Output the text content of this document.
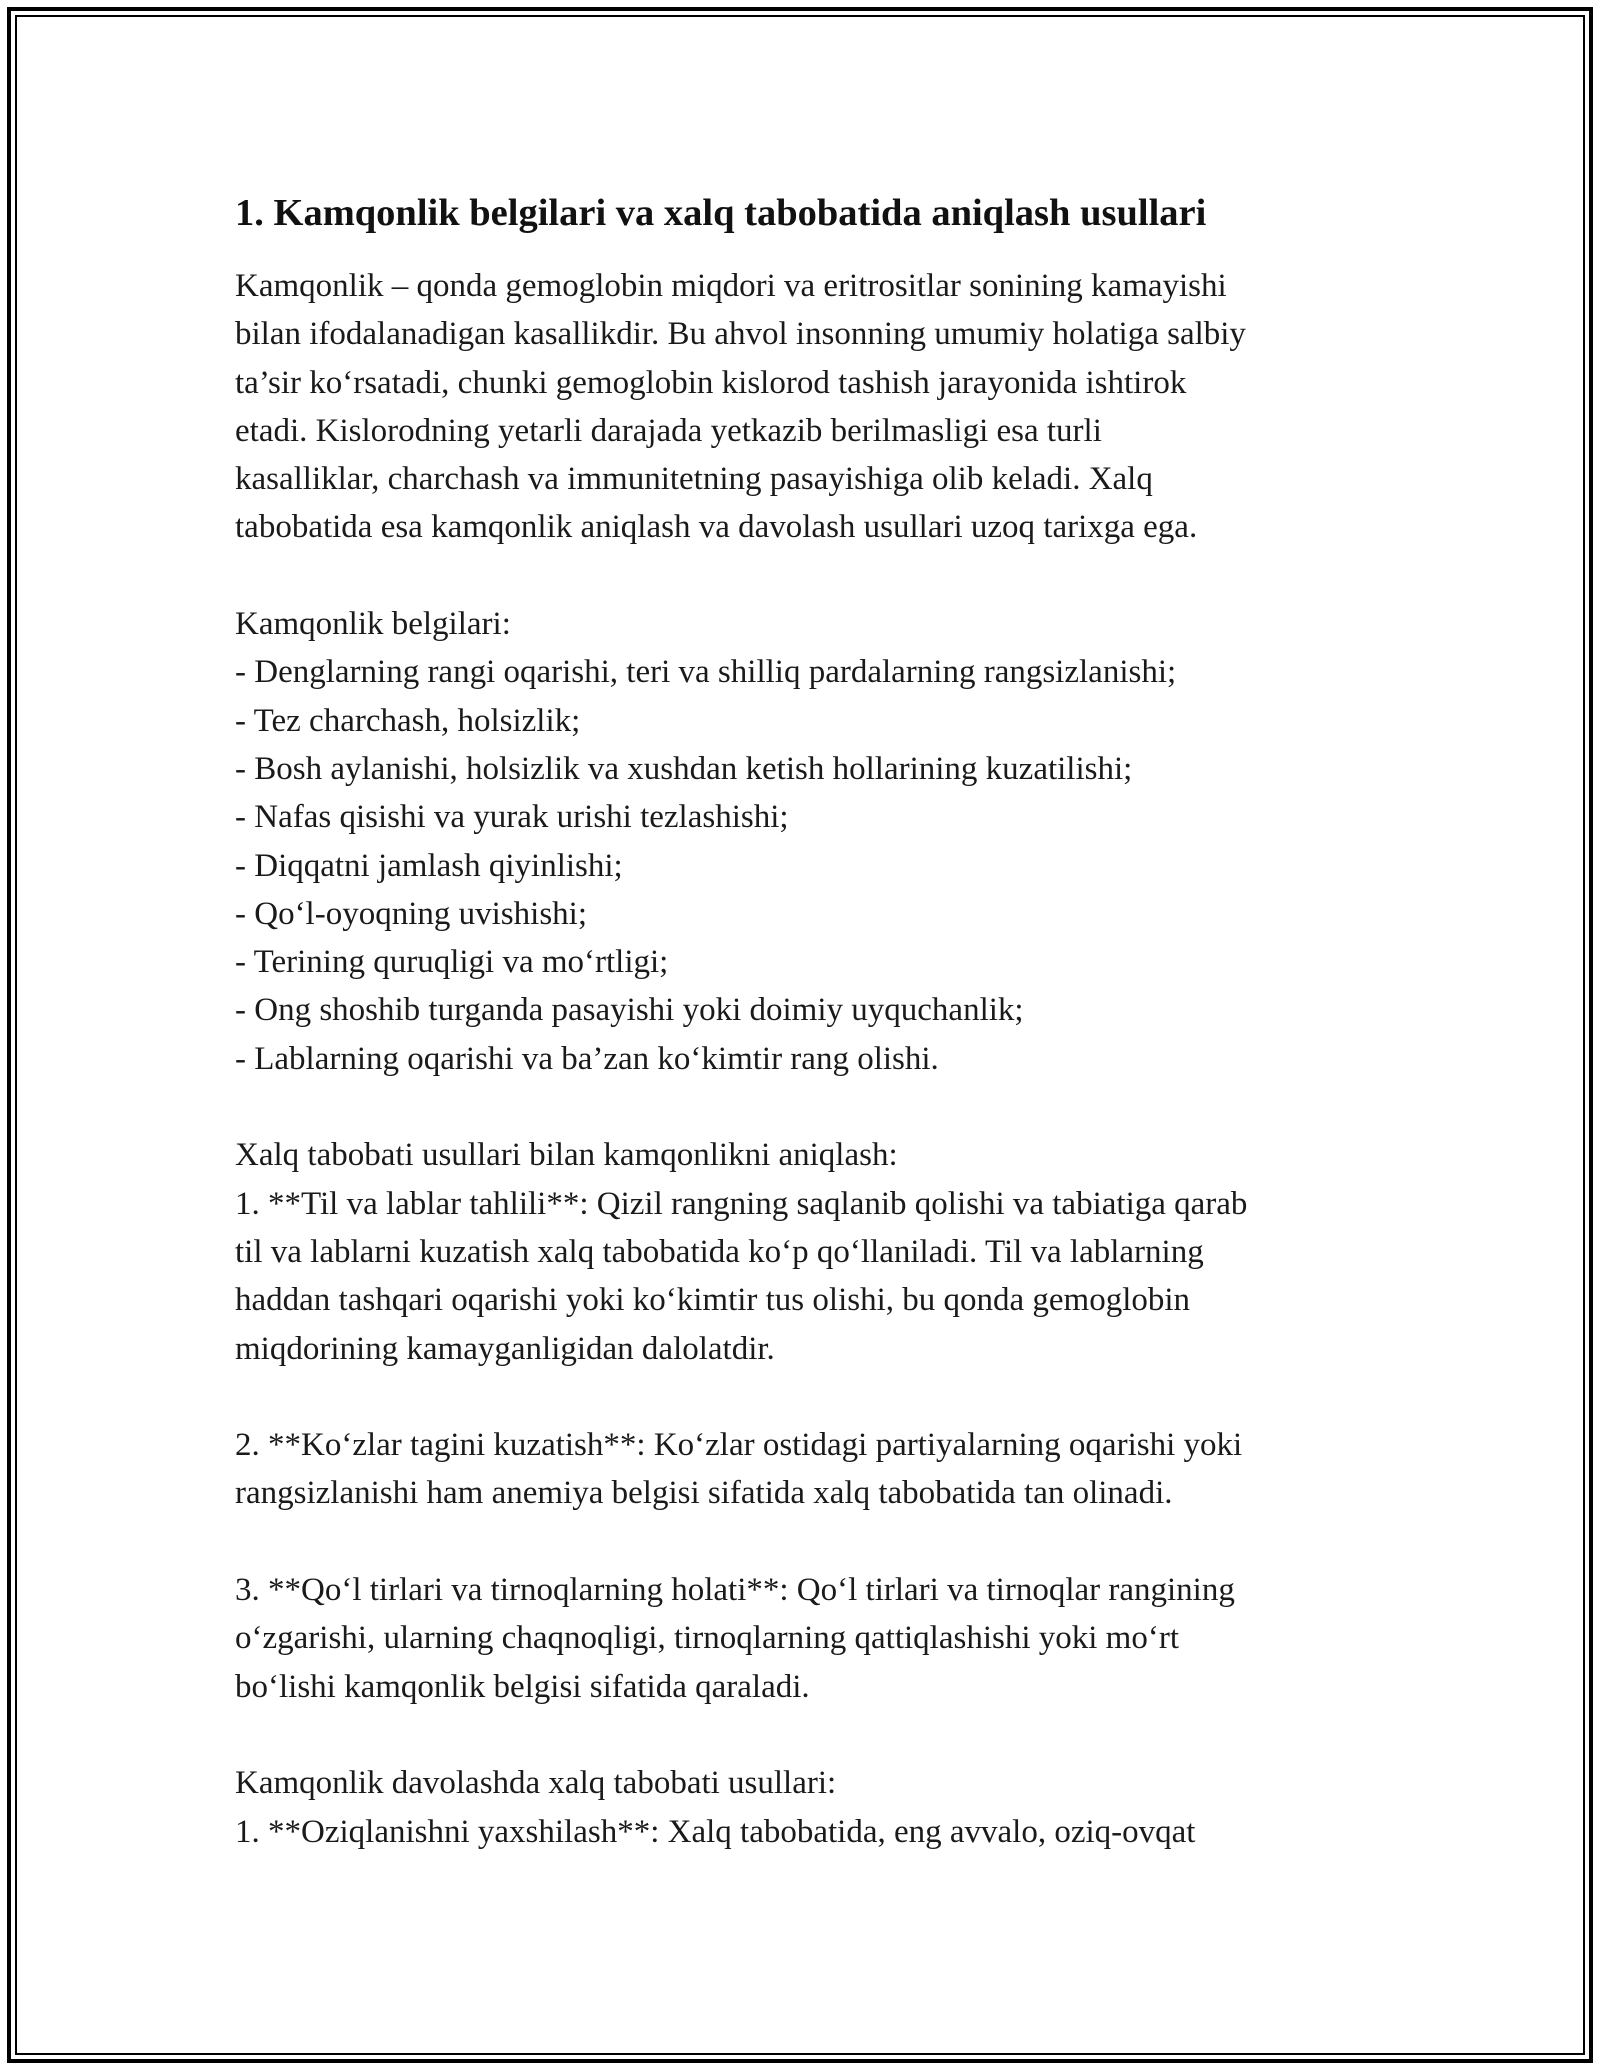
1. Kamqonlik belgilari va xalq tabobatida aniqlash usullari

Kamqonlik – qonda gemoglobin miqdori va eritrositlar sonining kamayishi

bilan ifodalanadigan kasallikdir. Bu ahvol insonning umumiy holatiga salbiy

ta’sir ko‘rsatadi, chunki gemoglobin kislorod tashish jarayonida ishtirok

etadi. Kislorodning yetarli darajada yetkazib berilmasligi esa turli

kasalliklar, charchash va immunitetning pasayishiga olib keladi. Xalq

tabobatida esa kamqonlik aniqlash va davolash usullari uzoq tarixga ega.

Kamqonlik belgilari:

- Denglarning rangi oqarishi, teri va shilliq pardalarning rangsizlanishi;

- Tez charchash, holsizlik;

- Bosh aylanishi, holsizlik va xushdan ketish hollarining kuzatilishi;

- Nafas qisishi va yurak urishi tezlashishi;

- Diqqatni jamlash qiyinlishi;

- Qo‘l-oyoqning uvishishi;

- Terining quruqligi va mo‘rtligi;

- Ong shoshib turganda pasayishi yoki doimiy uyquchanlik;

- Lablarning oqarishi va ba’zan ko‘kimtir rang olishi.

Xalq tabobati usullari bilan kamqonlikni aniqlash:

1. **Til va lablar tahlili**: Qizil rangning saqlanib qolishi va tabiatiga qarab

til va lablarni kuzatish xalq tabobatida ko‘p qo‘llaniladi. Til va lablarning

haddan tashqari oqarishi yoki ko‘kimtir tus olishi, bu qonda gemoglobin

miqdorining kamayganligidan dalolatdir.

2. **Ko‘zlar tagini kuzatish**: Ko‘zlar ostidagi partiyalarning oqarishi yoki

rangsizlanishi ham anemiya belgisi sifatida xalq tabobatida tan olinadi.

3. **Qo‘l tirlari va tirnoqlarning holati**: Qo‘l tirlari va tirnoqlar rangining

o‘zgarishi, ularning chaqnoqligi, tirnoqlarning qattiqlashishi yoki mo‘rt

bo‘lishi kamqonlik belgisi sifatida qaraladi.

Kamqonlik davolashda xalq tabobati usullari:

1. **Oziqlanishni yaxshilash**: Xalq tabobatida, eng avvalo, oziq-ovqat
